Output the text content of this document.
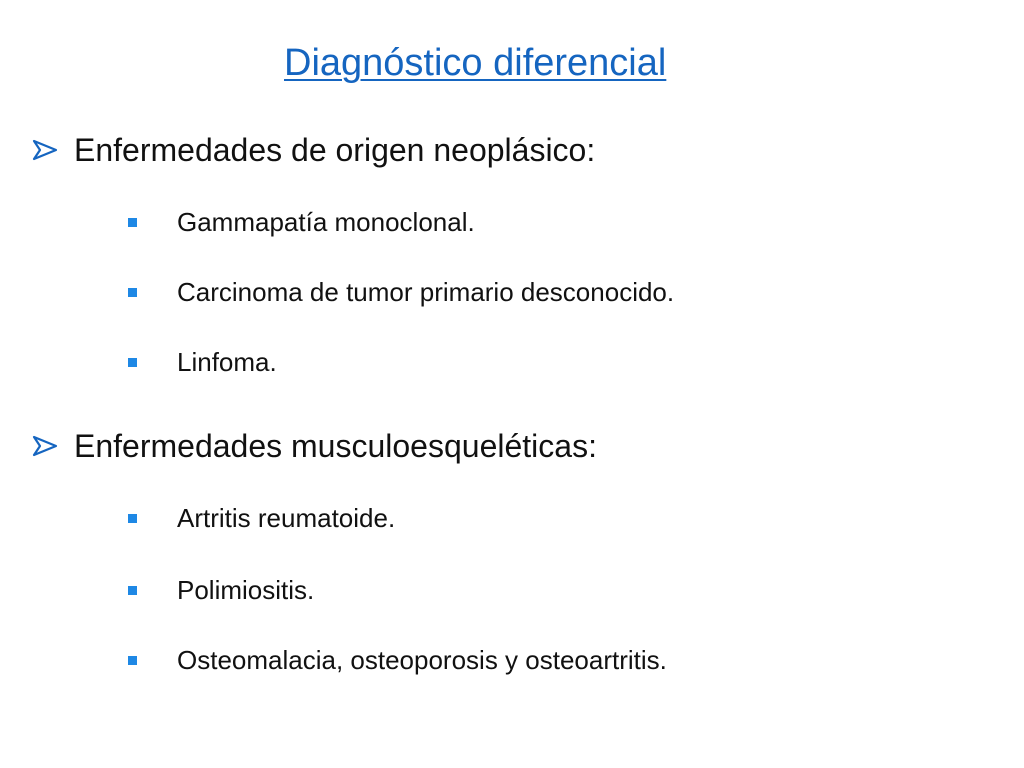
Diagnóstico diferencial
Enfermedades de origen neoplásico:
Gammapatía monoclonal.
Carcinoma de tumor primario desconocido.
Linfoma.
Enfermedades musculoesqueléticas:
Artritis reumatoide.
Polimiositis.
Osteomalacia, osteoporosis y osteoartritis.
